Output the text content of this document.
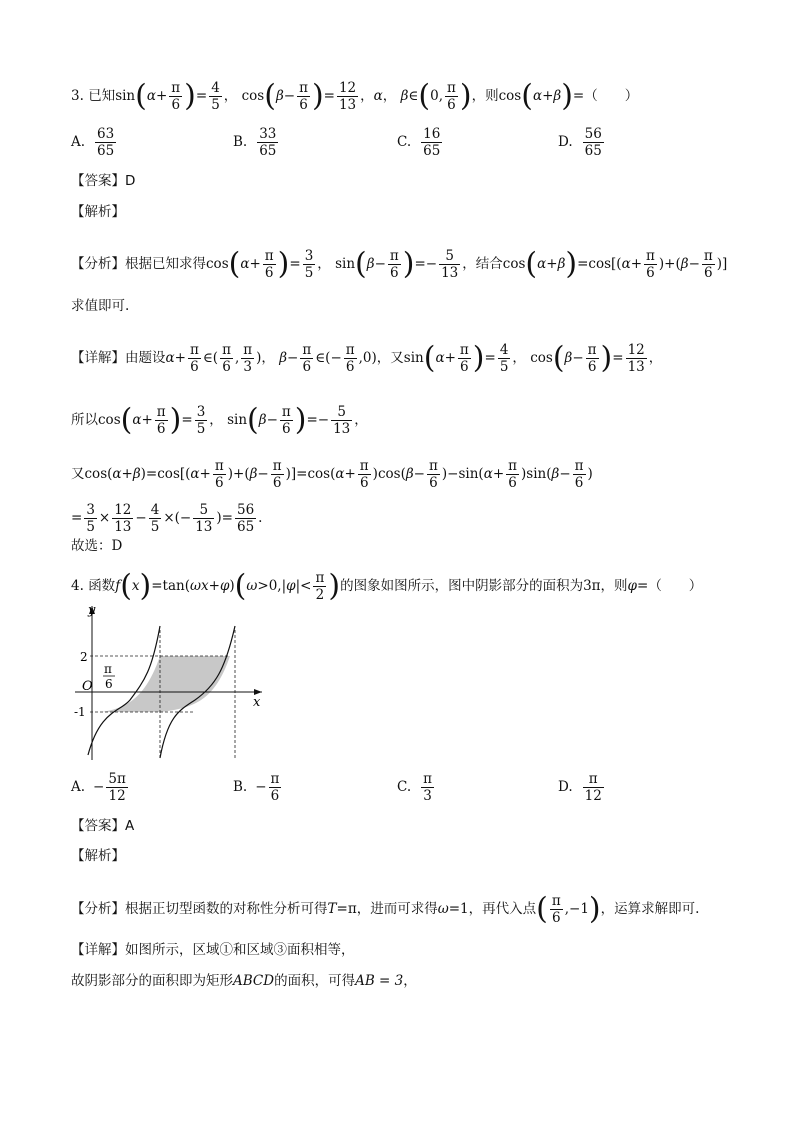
3. 已知$\sin(\alpha+ \frac{\pi}{6}$ )= $\frac{4}{5}$ ， $\cos(\beta- \frac{\pi}{6}$ )= $\frac{12}{13}$ ，α， β∈(0, $\frac{\pi}{6}$ )，则cos(α+β)=（　　）
A. $\frac{63}{65}$	B. $\frac{33}{65}$	C. $\frac{16}{65}$	D. $\frac{56}{65}$
【答案】D
【解析】
【分析】根据已知求得$\cos(\alpha+ \frac{\pi}{6}$ )= $\frac{3}{5}$ ， $\sin(\beta- \frac{\pi}{6}$ )=− $\frac{5}{13}$ ，结合$\cos(\alpha+\beta)=\cos[(\alpha+ \frac{\pi}{6} )+(\beta- \frac{\pi}{6}$ )]
求值即可.
【详解】由题设$\alpha+ \frac{\pi}{6}$ ∈( $\frac{\pi}{6}$ , $\frac{\pi}{3}$ )， $\beta- \frac{\pi}{6}$ ∈(− $\frac{\pi}{6} ,0$)，又$\sin(\alpha+ \frac{\pi}{6}$ )= $\frac{4}{5}$ ， $\cos(\beta- \frac{\pi}{6}$ )= $\frac{12}{13}$ ，
所以$\cos(\alpha+ \frac{\pi}{6}$ )= $\frac{3}{5}$ ， $\sin(\beta- \frac{\pi}{6}$ )=− $\frac{5}{13}$ ，
又$\cos(\alpha+\beta)=\cos[(\alpha+ \frac{\pi}{6} )+(\beta- \frac{\pi}{6} )]=\cos(\alpha+ \frac{\pi}{6} )\cos(\beta- \frac{\pi}{6} )-\sin(\alpha+ \frac{\pi}{6} )\sin(\beta- \frac{\pi}{6}$ )
= $\frac{3}{5} \times \frac{12}{13} - \frac{4}{5}$ ×(− $\frac{5}{13}$ )= $\frac{56}{65}$ .
故选：D
4. 函数$f(x)=\tan(\omega x+\varphi)(\omega>0,|\varphi|< \frac{\pi}{2}$ )的图象如图所示，图中阴影部分的面积为3π，则φ=（　　）
y
x
O
2
-1
π
6
A. − $\frac{5\pi}{12}$	B. − $\frac{\pi}{6}$	C. $\frac{\pi}{3}$	D. $\frac{\pi}{12}$
【答案】A
【解析】
【分析】根据正切型函数的对称性分析可得T=π，进而可求得ω=1，再代入点( $\frac{\pi}{6} ,-1$)，运算求解即可.
【详解】如图所示，区域①和区域③面积相等，
故阴影部分的面积即为矩形ABCD的面积，可得AB = 3，
